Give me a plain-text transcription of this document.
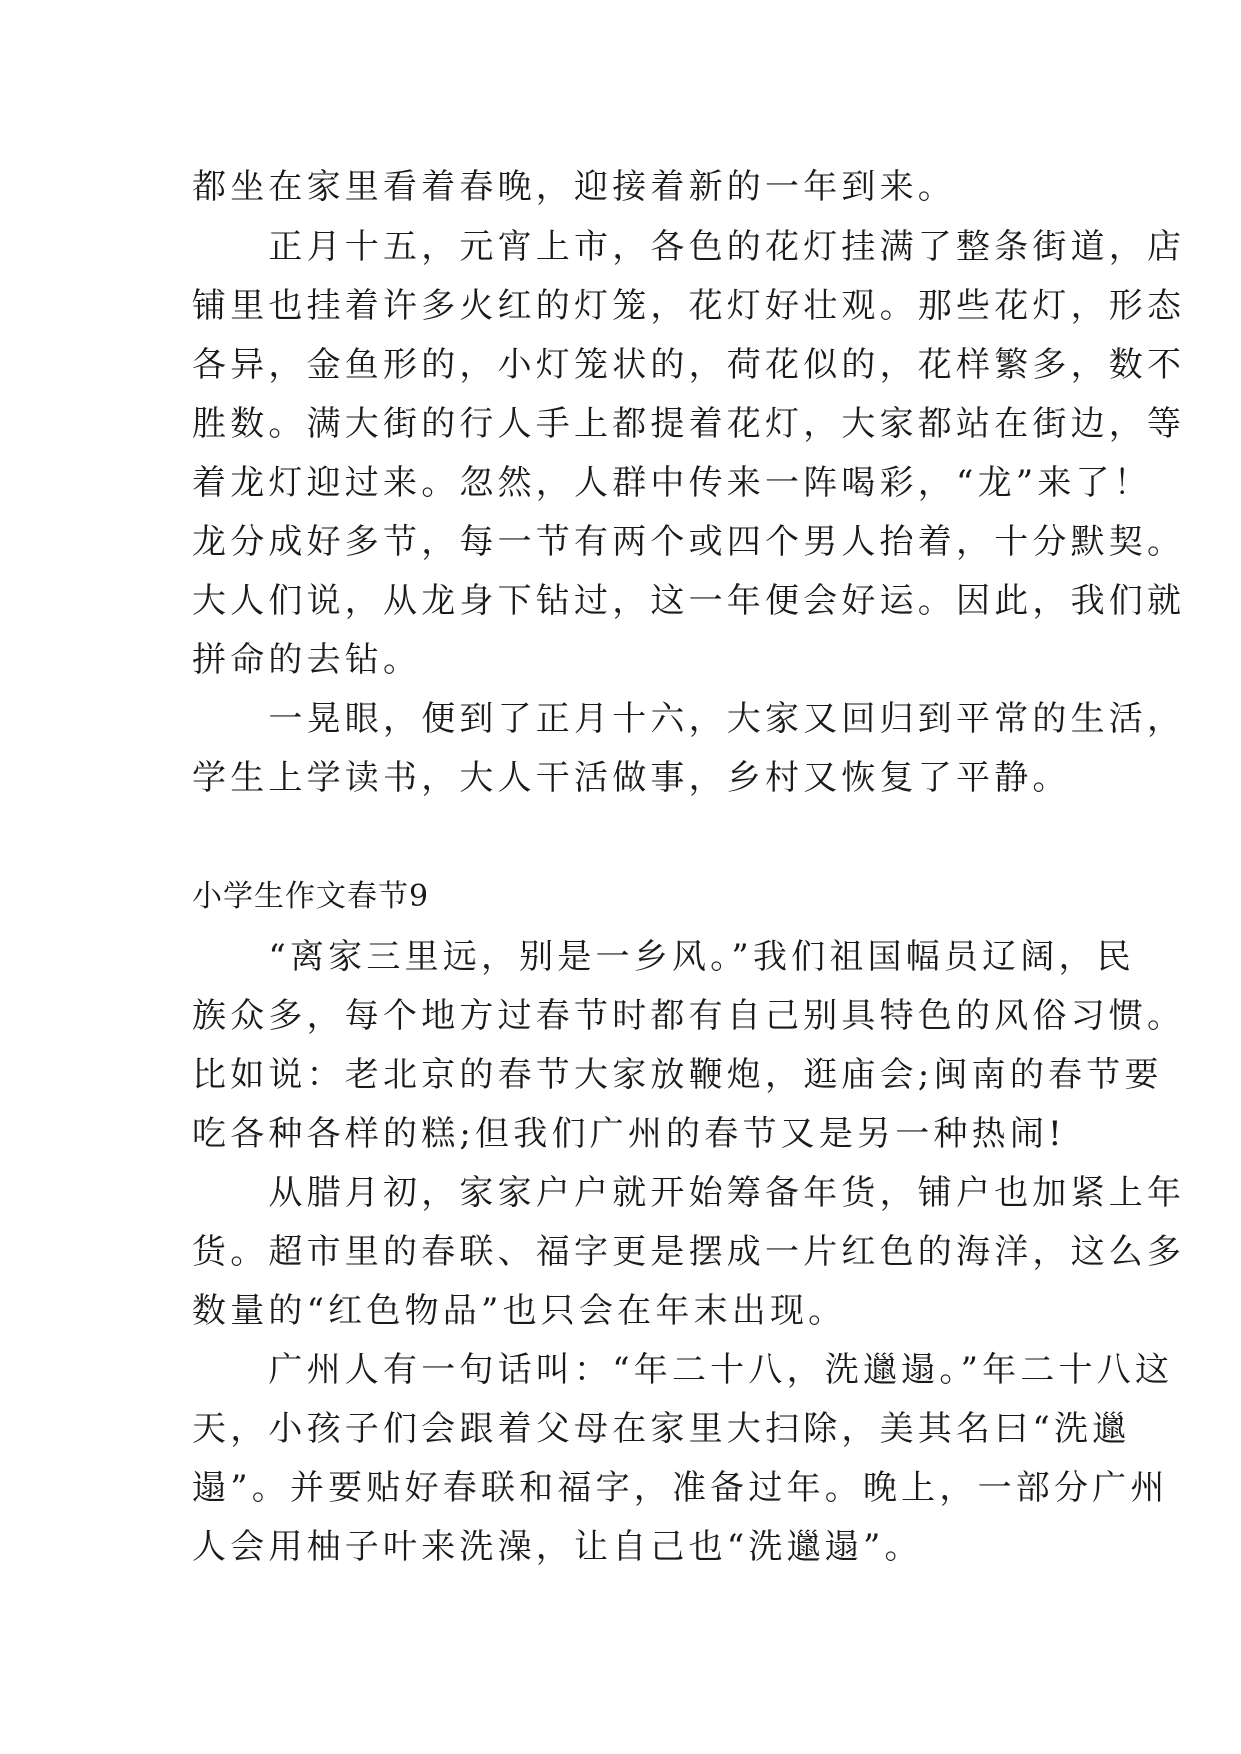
都坐在家里看着春晚，迎接着新的一年到来。
　　正月十五，元宵上市，各色的花灯挂满了整条街道，店
铺里也挂着许多火红的灯笼，花灯好壮观。那些花灯，形态
各异，金鱼形的，小灯笼状的，荷花似的，花样繁多，数不
胜数。满大街的行人手上都提着花灯，大家都站在街边，等
着龙灯迎过来。忽然，人群中传来一阵喝彩，“龙”来了！
龙分成好多节，每一节有两个或四个男人抬着，十分默契。
大人们说，从龙身下钻过，这一年便会好运。因此，我们就
拼命的去钻。
　　一晃眼，便到了正月十六，大家又回归到平常的生活，
学生上学读书，大人干活做事，乡村又恢复了平静。
小学生作文春节9
　　“离家三里远，别是一乡风。”我们祖国幅员辽阔，民
族众多，每个地方过春节时都有自己别具特色的风俗习惯。
比如说：老北京的春节大家放鞭炮，逛庙会;闽南的春节要
吃各种各样的糕;但我们广州的春节又是另一种热闹!
　　从腊月初，家家户户就开始筹备年货，铺户也加紧上年
货。超市里的春联、福字更是摆成一片红色的海洋，这么多
数量的“红色物品”也只会在年末出现。
　　广州人有一句话叫：“年二十八，洗邋遢。”年二十八这
天，小孩子们会跟着父母在家里大扫除，美其名曰“洗邋
遢”。并要贴好春联和福字，准备过年。晚上，一部分广州
人会用柚子叶来洗澡，让自己也“洗邋遢”。
